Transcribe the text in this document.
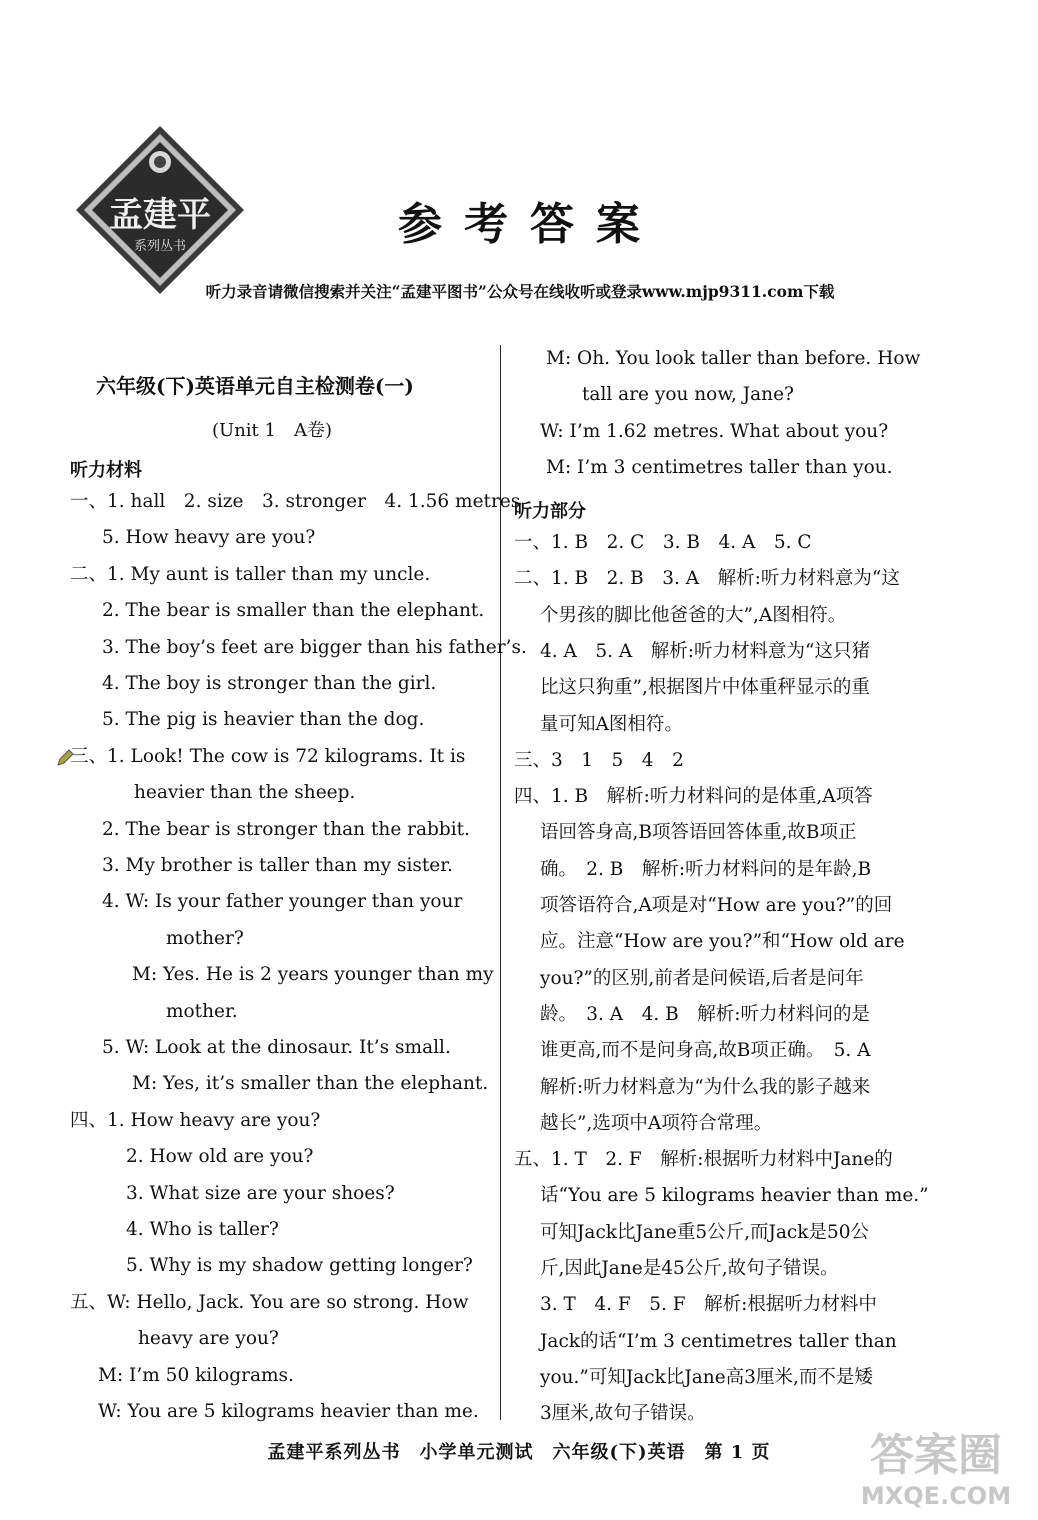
孟建平
系列丛书	参考答案
听力录音请微信搜索并关注“孟建平图书”公众号在线收听或登录www.mjp9311.com下载
六年级(下)英语单元自主检测卷(一)
(Unit 1　A卷)
听力材料
一、1. hall　2. size　3. stronger　4. 1.56 metres
5. How heavy are you?
二、1. My aunt is taller than my uncle.
2. The bear is smaller than the elephant.
3. The boy’s feet are bigger than his father’s.
4. The boy is stronger than the girl.
5. The pig is heavier than the dog.
三、1. Look! The cow is 72 kilograms. It is
heavier than the sheep.
2. The bear is stronger than the rabbit.
3. My brother is taller than my sister.
4. W: Is your father younger than your
mother?
M: Yes. He is 2 years younger than my
mother.
5. W: Look at the dinosaur. It’s small.
M: Yes, it’s smaller than the elephant.
四、1. How heavy are you?
2. How old are you?
3. What size are your shoes?
4. Who is taller?
5. Why is my shadow getting longer?
五、W: Hello, Jack. You are so strong. How
heavy are you?
M: I’m 50 kilograms.
W: You are 5 kilograms heavier than me.
M: Oh. You look taller than before. How
tall are you now, Jane?
W: I’m 1.62 metres. What about you?
M: I’m 3 centimetres taller than you.
听力部分
一、1. B　2. C　3. B　4. A　5. C
二、1. B　2. B　3. A　解析:听力材料意为“这
个男孩的脚比他爸爸的大”,A图相符。
4. A　5. A　解析:听力材料意为“这只猪
比这只狗重”,根据图片中体重秤显示的重
量可知A图相符。
三、3　1　5　4　2
四、1. B　解析:听力材料问的是体重,A项答
语回答身高,B项答语回答体重,故B项正
确。　2. B　解析:听力材料问的是年龄,B
项答语符合,A项是对“How are you?”的回
应。注意“How are you?”和“How old are
you?”的区别,前者是问候语,后者是问年
龄。　3. A　4. B　解析:听力材料问的是
谁更高,而不是问身高,故B项正确。　5. A
解析:听力材料意为“为什么我的影子越来
越长”,选项中A项符合常理。
五、1. T　2. F　解析:根据听力材料中Jane的
话“You are 5 kilograms heavier than me.”
可知Jack比Jane重5公斤,而Jack是50公
斤,因此Jane是45公斤,故句子错误。
3. T　4. F　5. F　解析:根据听力材料中
Jack的话“I’m 3 centimetres taller than
you.”可知Jack比Jane高3厘米,而不是矮
3厘米,故句子错误。
孟建平系列丛书　小学单元测试　六年级(下)英语　第 1 页	答案圈
MXQE.COM
